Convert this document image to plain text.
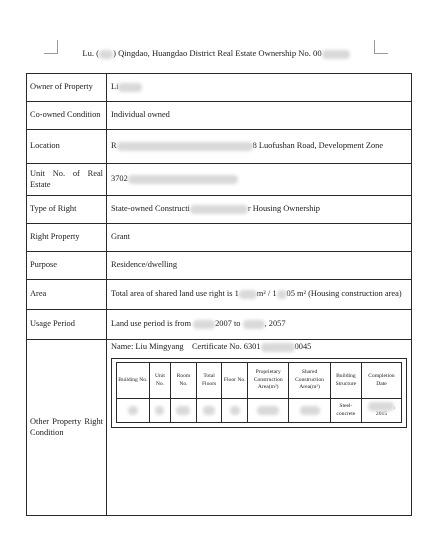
Lu. ( ) Qingdao, Huangdao District Real Estate Ownership No. 00
Owner of Property	Li
Co-owned Condition	Individual owned
Location	R	8 Luofushan Road, Development Zone
Unit No. of Real Estate	3702
Type of Right	State-owned Constructi	r Housing Ownership
Right Property	Grant
Purpose	Residence/dwelling
Area	Total area of shared land use right is 1 m² / 1 05 m² (Housing construction area)
Usage Period	Land use period is from	2007 to	, 2057
Other Property Right Condition	
Name: Liu Mingyang Certificate No. 6301	0045
Building No.	Unit No.	Room No.	Total Floors	Floor No.	Proprietary Construction Area(m²)	Shared Construction Area(m²)	Building Structure	Completion Date
							Steel-concrete	, 2015
